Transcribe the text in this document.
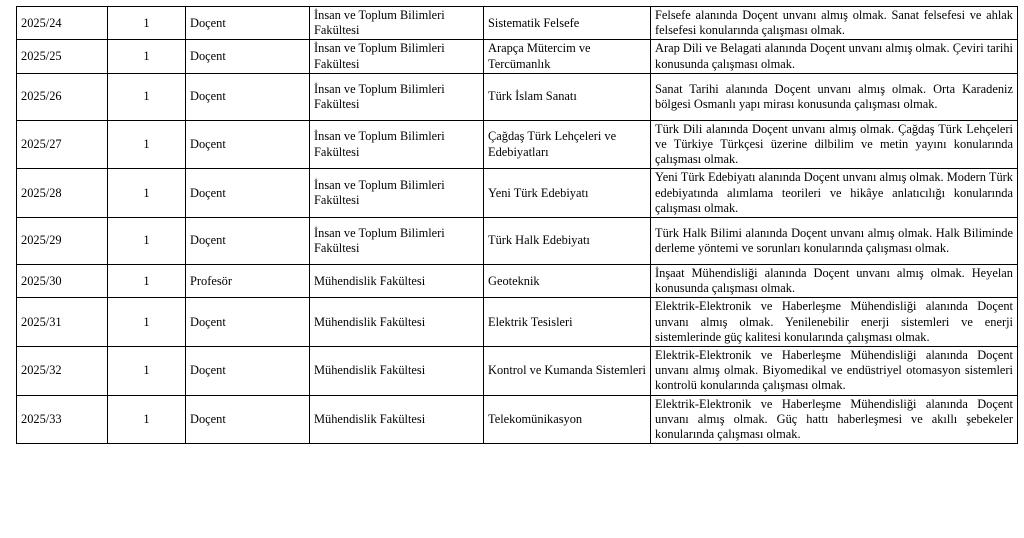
2025/24	1	Doçent	İnsan ve Toplum Bilimleri Fakültesi	Sistematik Felsefe	Felsefe alanında Doçent unvanı almış olmak. Sanat felsefesi ve ahlak felsefesi konularında çalışması olmak.
2025/25	1	Doçent	İnsan ve Toplum Bilimleri Fakültesi	Arapça Mütercim ve Tercümanlık	Arap Dili ve Belagati alanında Doçent unvanı almış olmak. Çeviri tarihi konusunda çalışması olmak.
2025/26	1	Doçent	İnsan ve Toplum Bilimleri Fakültesi	Türk İslam Sanatı	Sanat Tarihi alanında Doçent unvanı almış olmak. Orta Karadeniz bölgesi Osmanlı yapı mirası konusunda çalışması olmak.
2025/27	1	Doçent	İnsan ve Toplum Bilimleri Fakültesi	Çağdaş Türk Lehçeleri ve Edebiyatları	Türk Dili alanında Doçent unvanı almış olmak. Çağdaş Türk Lehçeleri ve Türkiye Türkçesi üzerine dilbilim ve metin yayını konularında çalışması olmak.
2025/28	1	Doçent	İnsan ve Toplum Bilimleri Fakültesi	Yeni Türk Edebiyatı	Yeni Türk Edebiyatı alanında Doçent unvanı almış olmak. Modern Türk edebiyatında alımlama teorileri ve hikâye anlatıcılığı konularında çalışması olmak.
2025/29	1	Doçent	İnsan ve Toplum Bilimleri Fakültesi	Türk Halk Edebiyatı	Türk Halk Bilimi alanında Doçent unvanı almış olmak. Halk Biliminde derleme yöntemi ve sorunları konularında çalışması olmak.
2025/30	1	Profesör	Mühendislik Fakültesi	Geoteknik	İnşaat Mühendisliği alanında Doçent unvanı almış olmak. Heyelan konusunda çalışması olmak.
2025/31	1	Doçent	Mühendislik Fakültesi	Elektrik Tesisleri	Elektrik-Elektronik ve Haberleşme Mühendisliği alanında Doçent unvanı almış olmak. Yenilenebilir enerji sistemleri ve enerji sistemlerinde güç kalitesi konularında çalışması olmak.
2025/32	1	Doçent	Mühendislik Fakültesi	Kontrol ve Kumanda Sistemleri	Elektrik-Elektronik ve Haberleşme Mühendisliği alanında Doçent unvanı almış olmak. Biyomedikal ve endüstriyel otomasyon sistemleri kontrolü konularında çalışması olmak.
2025/33	1	Doçent	Mühendislik Fakültesi	Telekomünikasyon	Elektrik-Elektronik ve Haberleşme Mühendisliği alanında Doçent unvanı almış olmak. Güç hattı haberleşmesi ve akıllı şebekeler konularında çalışması olmak.
